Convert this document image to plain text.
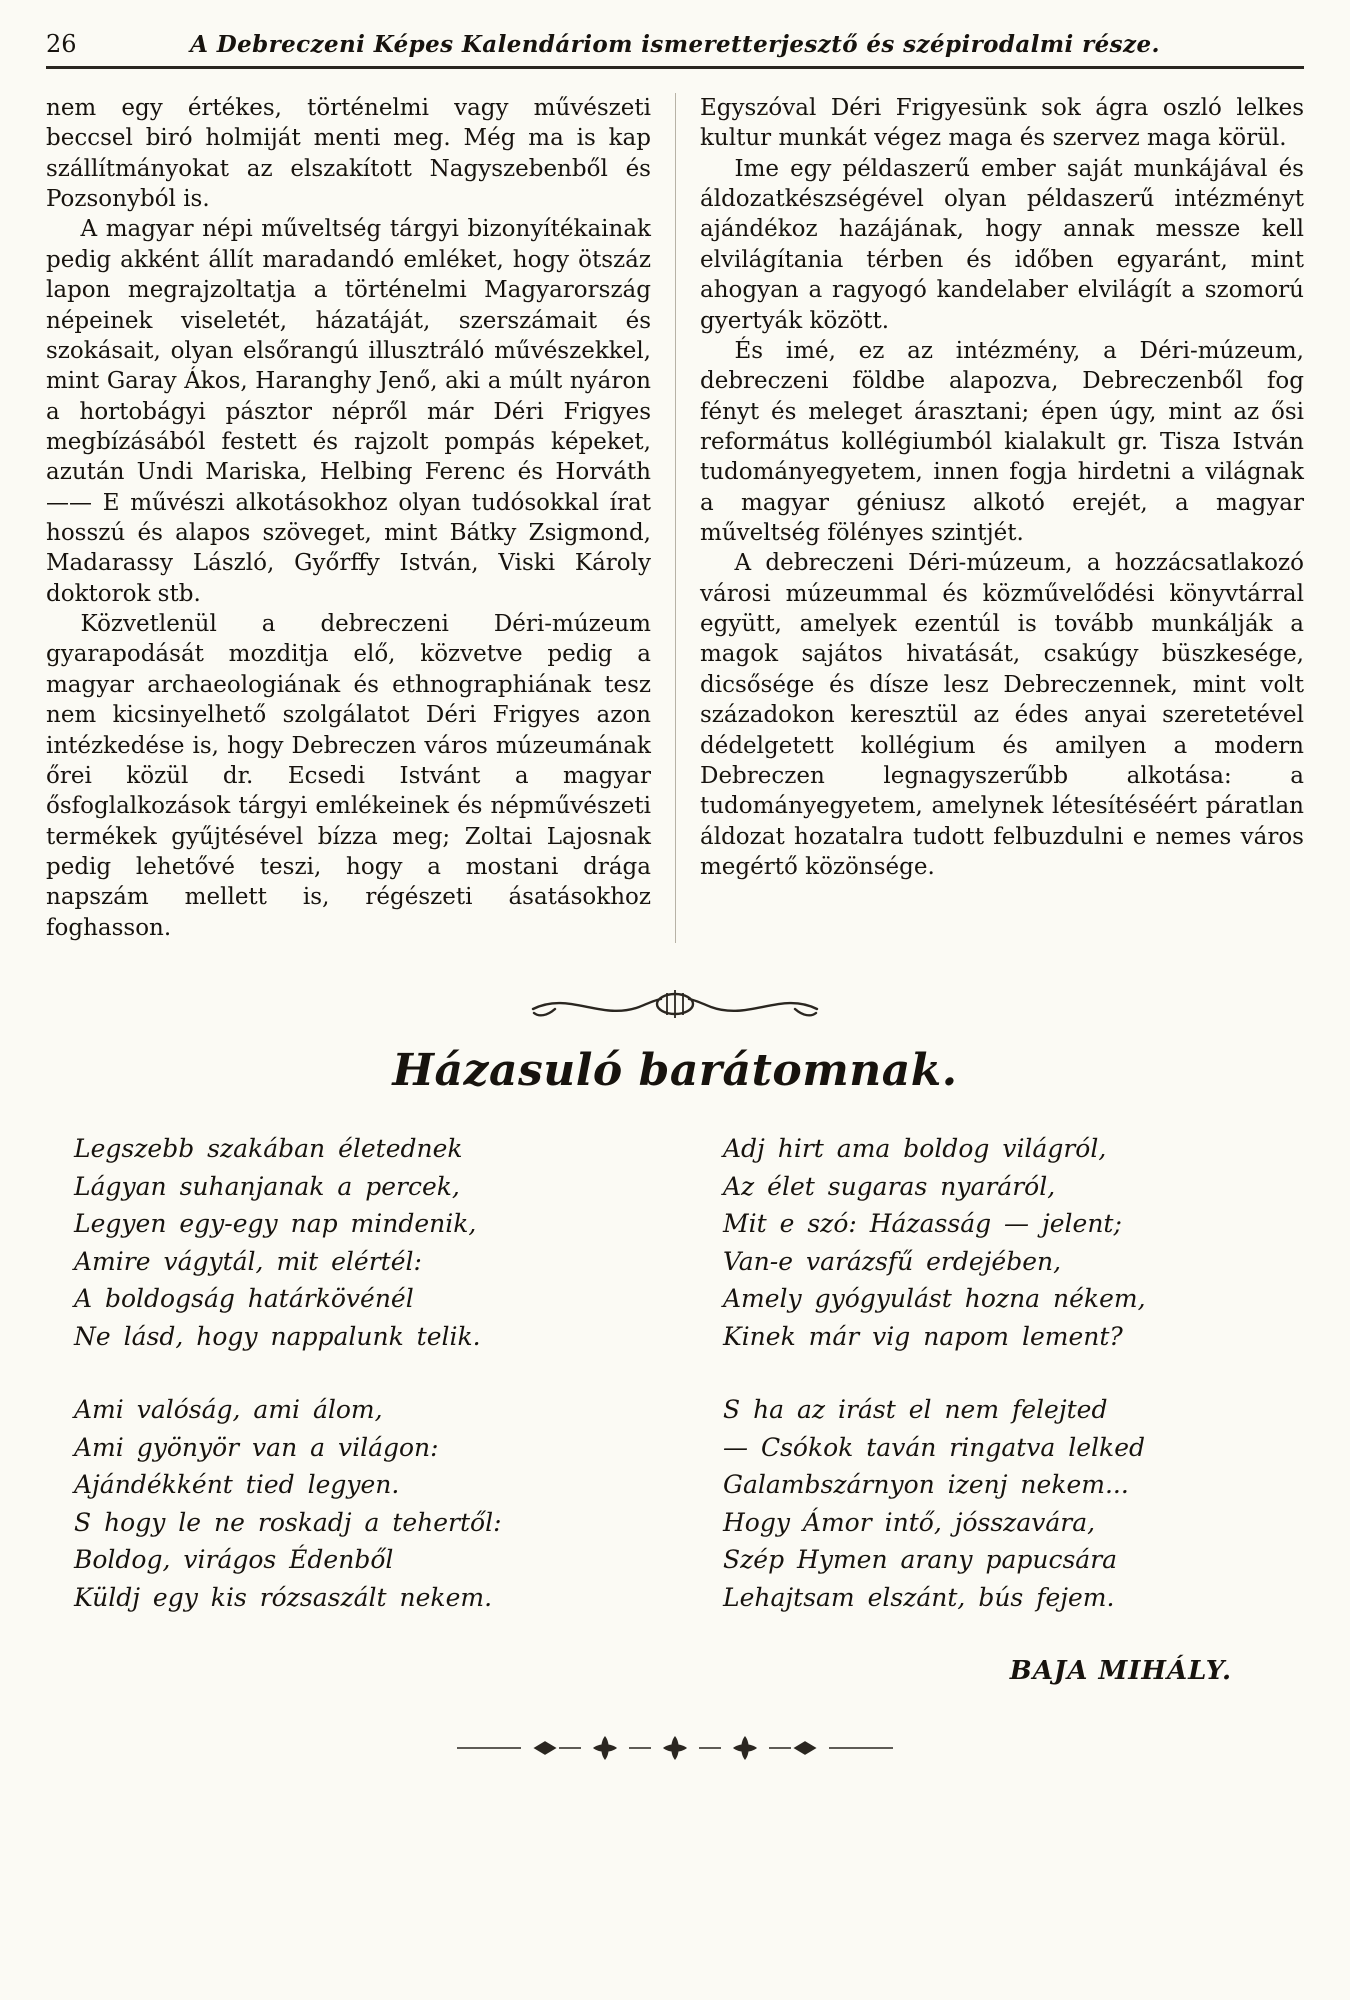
26	A Debreczeni Képes Kalendáriom ismeretterjesztő és szépirodalmi része.

nem egy értékes, történelmi vagy művészeti beccsel biró holmiját menti meg. Még ma is kap szállítmányokat az elszakított Nagyszebenből és Pozsonyból is.

A magyar népi műveltség tárgyi bizonyítékainak pedig akként állít maradandó emléket, hogy ötszáz lapon megrajzoltatja a történelmi Magyarország népeinek viseletét, házatáját, szerszámait és szokásait, olyan elsőrangú illusztráló művészekkel, mint Garay Ákos, Haranghy Jenő, aki a múlt nyáron a hortobágyi pásztor népről már Déri Frigyes megbízásából festett és rajzolt pompás képeket, azután Undi Mariska, Helbing Ferenc és Horváth —— E művészi alkotásokhoz olyan tudósokkal írat hosszú és alapos szöveget, mint Bátky Zsigmond, Madarassy László, Győrffy István, Viski Károly doktorok stb.

Közvetlenül a debreczeni Déri-múzeum gyarapodását mozditja elő, közvetve pedig a magyar archaeologiának és ethnographiának tesz nem kicsinyelhető szolgálatot Déri Frigyes azon intézkedése is, hogy Debreczen város múzeumának őrei közül dr. Ecsedi Istvánt a magyar ősfoglalkozások tárgyi emlékeinek és népművészeti termékek gyűjtésével bízza meg; Zoltai Lajosnak pedig lehetővé teszi, hogy a mostani drága napszám mellett is, régészeti ásatásokhoz foghasson.

Egyszóval Déri Frigyesünk sok ágra oszló lelkes kultur munkát végez maga és szervez maga körül.

Ime egy példaszerű ember saját munkájával és áldozatkészségével olyan példaszerű intézményt ajándékoz hazájának, hogy annak messze kell elvilágítania térben és időben egyaránt, mint ahogyan a ragyogó kandelaber elvilágít a szomorú gyertyák között.

És imé, ez az intézmény, a Déri-múzeum, debreczeni földbe alapozva, Debreczenből fog fényt és meleget árasztani; épen úgy, mint az ősi református kollégiumból kialakult gr. Tisza István tudományegyetem, innen fogja hirdetni a világnak a magyar géniusz alkotó erejét, a magyar műveltség fölényes szintjét.

A debreczeni Déri-múzeum, a hozzácsatlakozó városi múzeummal és közművelődési könyvtárral együtt, amelyek ezentúl is tovább munkálják a magok sajátos hivatását, csakúgy büszkesége, dicsősége és dísze lesz Debreczennek, mint volt századokon keresztül az édes anyai szeretetével dédelgetett kollégium és amilyen a modern Debreczen legnagyszerűbb alkotása: a tudományegyetem, amelynek létesítéséért páratlan áldozat hozatalra tudott felbuzdulni e nemes város megértő közönsége.

Házasuló barátomnak.
Legszebb szakában életednek
Lágyan suhanjanak a percek,
Legyen egy-egy nap mindenik,
Amire vágytál, mit elértél:
A boldogság határkövénél
Ne lásd, hogy nappalunk telik.
Ami valóság, ami álom,
Ami gyönyör van a világon:
Ajándékként tied legyen.
S hogy le ne roskadj a tehertől:
Boldog, virágos Édenből
Küldj egy kis rózsaszált nekem.
Adj hirt ama boldog világról,
Az élet sugaras nyaráról,
Mit e szó: Házasság — jelent;
Van-e varázsfű erdejében,
Amely gyógyulást hozna nékem,
Kinek már vig napom lement?
S ha az irást el nem felejted
— Csókok taván ringatva lelked
Galambszárnyon izenj nekem...
Hogy Ámor intő, jósszavára,
Szép Hymen arany papucsára
Lehajtsam elszánt, bús fejem.
BAJA MIHÁLY.
